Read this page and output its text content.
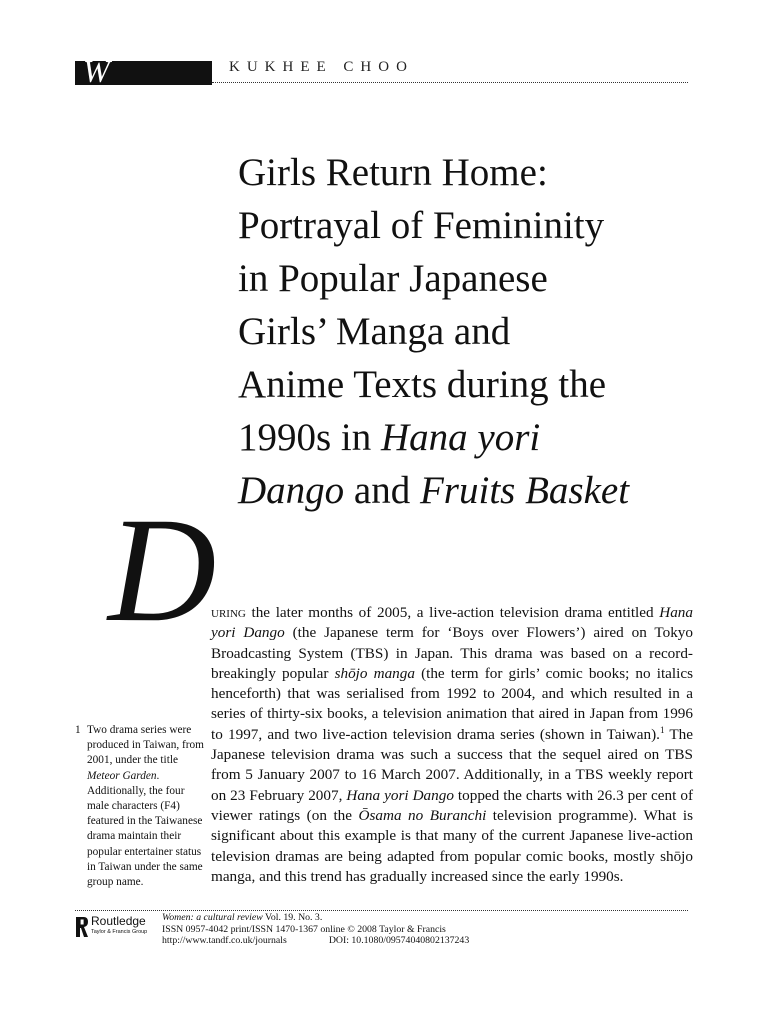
W	KUKHEE CHOO
Girls Return Home:
Portrayal of Femininity
in Popular Japanese
Girls’ Manga and
Anime Texts during the
1990s in Hana yori
Dango and Fruits Basket
D

uring the later months of 2005, a live-action television drama entitled Hana yori Dango (the Japanese term for ‘Boys over Flowers’) aired on Tokyo Broadcasting System (TBS) in Japan. This drama was based on a record-breakingly popular shōjo manga (the term for girls’ comic books; no italics henceforth) that was serialised from 1992 to 2004, and which resulted in a series of thirty-six books, a television animation that aired in Japan from 1996 to 1997, and two live-action television drama series (shown in Taiwan).$^1$ The Japanese television drama was such a success that the sequel aired on TBS from 5 January 2007 to 16 March 2007. Additionally, in a TBS weekly report on 23 February 2007, Hana yori Dango topped the charts with 26.3 per cent of viewer ratings (on the Ōsama no Buranchi television programme). What is significant about this example is that many of the current Japanese live-action television dramas are being adapted from popular comic books, mostly shōjo manga, and this trend has gradually increased since the early 1990s.

1 Two drama series were produced in Taiwan, from 2001, under the title Meteor Garden. Additionally, the four male characters (F4) featured in the Taiwanese drama maintain their popular entertainer status in Taiwan under the same group name.
Routledge
Taylor & Francis Group
Women: a cultural review Vol. 19. No. 3.
ISSN 0957-4042 print/ISSN 1470-1367 online © 2008 Taylor & Francis
http://www.tandf.co.uk/journals	DOI: 10.1080/09574040802137243
